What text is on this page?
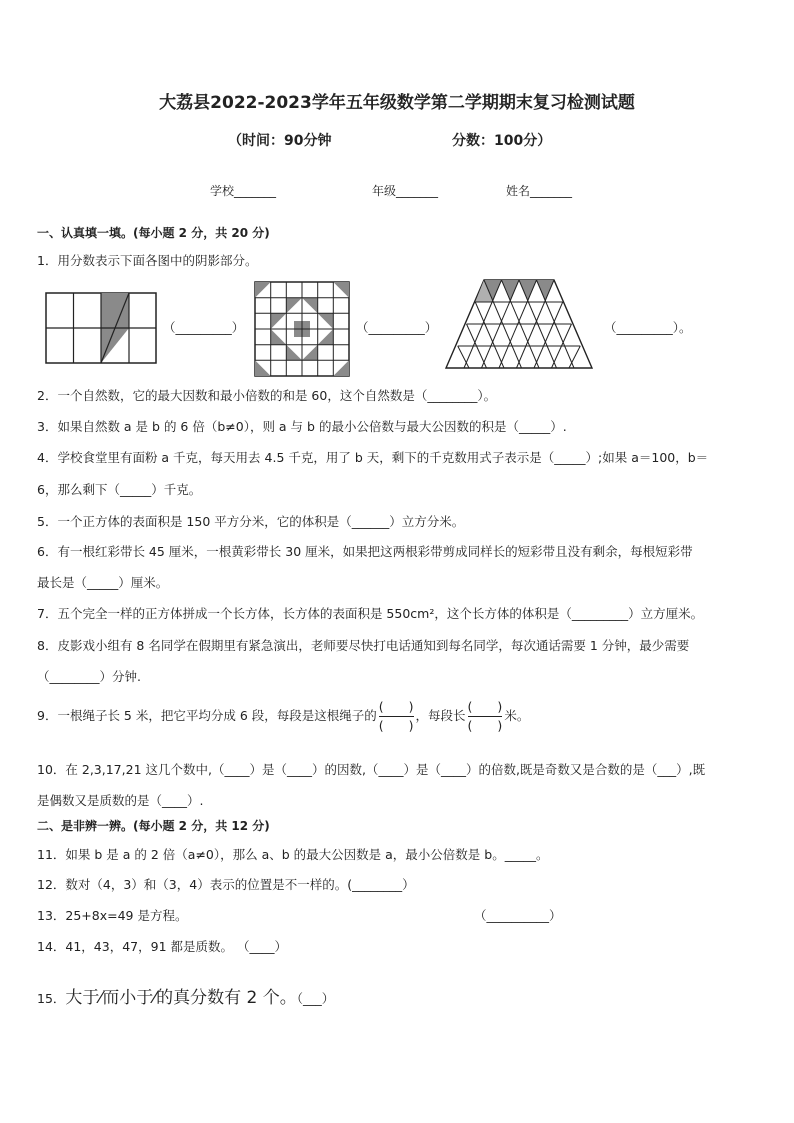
大荔县2022-2023学年五年级数学第二学期期末复习检测试题
（时间：90分钟	分数：100分）
学校_______	年级_______	姓名_______
一、认真填一填。(每小题 2 分，共 20 分)
1．用分数表示下面各图中的阴影部分。
（_________）	（_________）	（_________）。
2．一个自然数，它的最大因数和最小倍数的和是 60，这个自然数是（________）。
3．如果自然数 a 是 b 的 6 倍（b≠0），则 a 与 b 的最小公倍数与最大公因数的积是（_____）.
4．学校食堂里有面粉 a 千克，每天用去 4.5 千克，用了 b 天，剩下的千克数用式子表示是（_____）;如果 a＝100，b＝
6，那么剩下（_____）千克。
5．一个正方体的表面积是 150 平方分米，它的体积是（______）立方分米。
6．有一根红彩带长 45 厘米，一根黄彩带长 30 厘米，如果把这两根彩带剪成同样长的短彩带且没有剩余，每根短彩带
最长是（_____）厘米。
7．五个完全一样的正方体拼成一个长方体，长方体的表面积是 550cm²，这个长方体的体积是（_________）立方厘米。
8．皮影戏小组有 8 名同学在假期里有紧急演出，老师要尽快打电话通知到每名同学，每次通话需要 1 分钟，最少需要
（________）分钟.
9．一根绳子长 5 米，把它平均分成 6 段，每段是这根绳子的 $\frac{( )}{( )}$ ，每段长 $\frac{( )}{( )}$ 米。
10．在 2,3,17,21 这几个数中,（____）是（____）的因数,（____）是（____）的倍数,既是奇数又是合数的是（___）,既
是偶数又是质数的是（____）.
二、是非辨一辨。(每小题 2 分，共 12 分)
11．如果 b 是 a 的 2 倍（a≠0），那么 a、b 的最大公因数是 a，最小公倍数是 b。_____。
12．数对（4，3）和（3，4）表示的位置是不一样的。(________）
13．25+8x=49 是方程。	（__________）
14．41，43，47，91 都是质数。 （____）
15．大于⁄而小于⁄的真分数有 2 个。（___）
